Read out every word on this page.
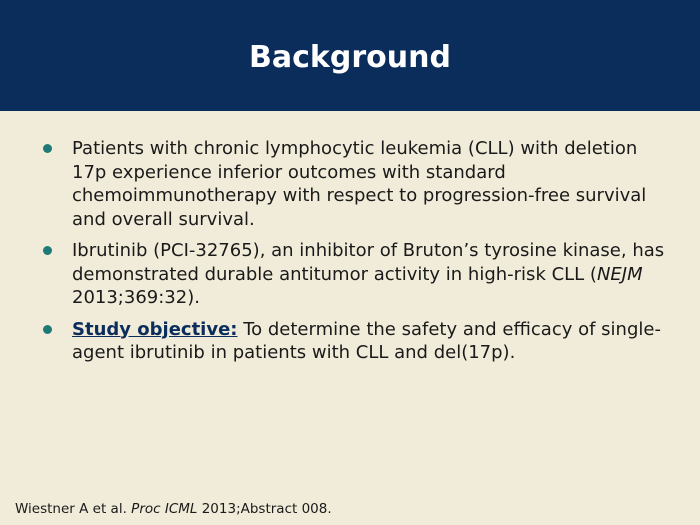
Background
Patients with chronic lymphocytic leukemia (CLL) with deletion 17p experience inferior outcomes with standard chemoimmunotherapy with respect to progression-free survival and overall survival.
Ibrutinib (PCI-32765), an inhibitor of Bruton’s tyrosine kinase, has demonstrated durable antitumor activity in high-risk CLL (NEJM 2013;369:32).
Study objective: To determine the safety and efficacy of single-agent ibrutinib in patients with CLL and del(17p).
Wiestner A et al. Proc ICML 2013;Abstract 008.
